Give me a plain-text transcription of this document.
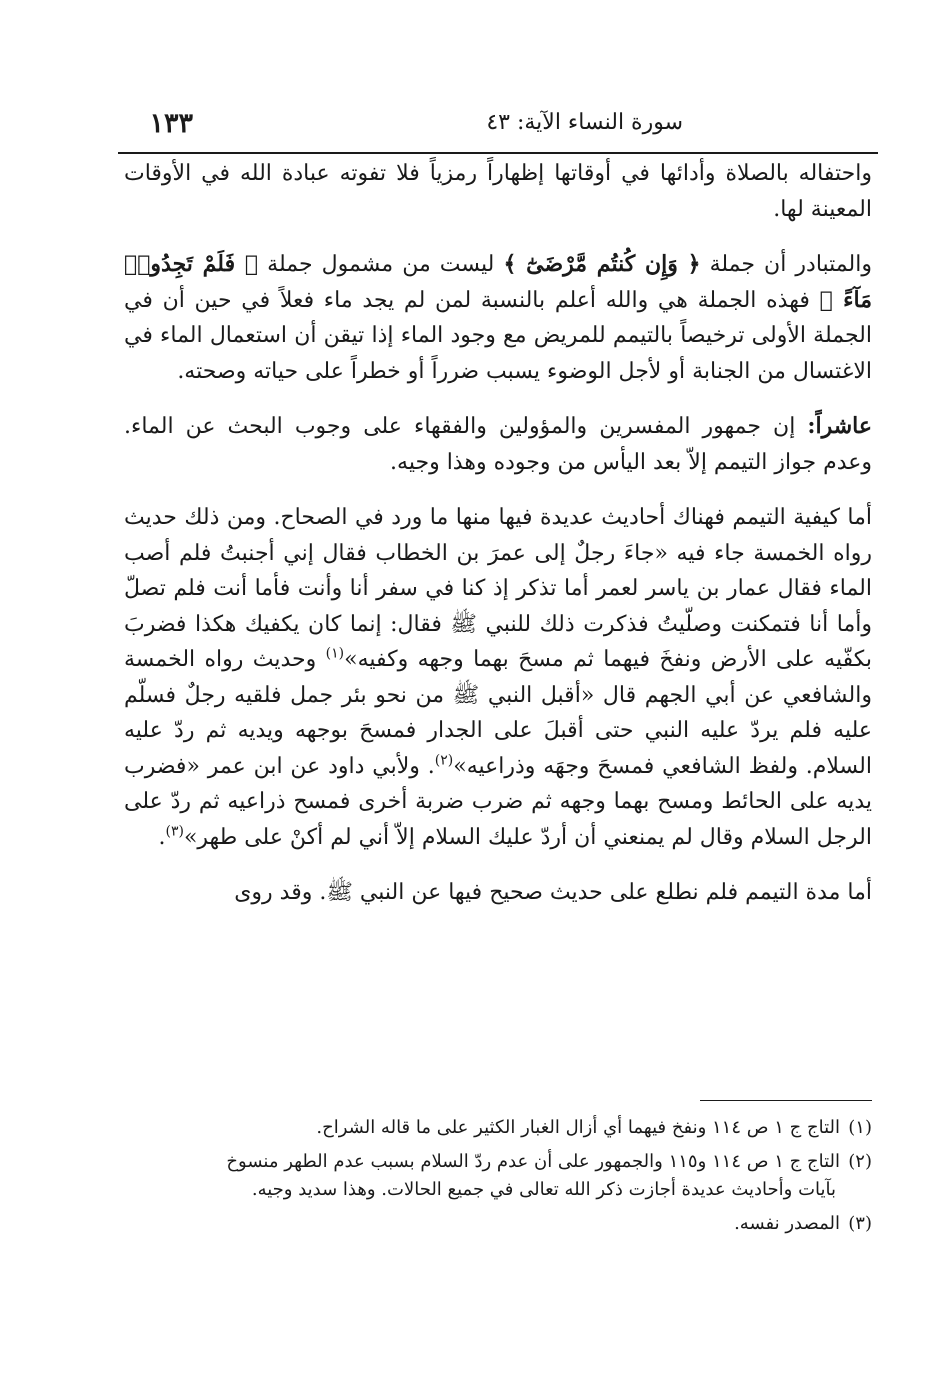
١٣٣	سورة النساء الآية: ٤٣

واحتفاله بالصلاة وأدائها في أوقاتها إظهاراً رمزياً فلا تفوته عبادة الله في الأوقات المعينة لها.

والمتبادر أن جملة ﴿ وَإِن كُنتُم مَّرْضَىٰٓ ﴾ ليست من مشمول جملة ﴿ فَلَمْ تَجِدُوا۟ مَآءً ﴾ فهذه الجملة هي والله أعلم بالنسبة لمن لم يجد ماء فعلاً في حين أن في الجملة الأولى ترخيصاً بالتيمم للمريض مع وجود الماء إذا تيقن أن استعمال الماء في الاغتسال من الجنابة أو لأجل الوضوء يسبب ضرراً أو خطراً على حياته وصحته.

عاشراً: إن جمهور المفسرين والمؤولين والفقهاء على وجوب البحث عن الماء. وعدم جواز التيمم إلاّ بعد اليأس من وجوده وهذا وجيه.

أما كيفية التيمم فهناك أحاديث عديدة فيها منها ما ورد في الصحاح. ومن ذلك حديث رواه الخمسة جاء فيه «جاءَ رجلٌ إلى عمرَ بن الخطاب فقال إني أجنبتُ فلم أصب الماء فقال عمار بن ياسر لعمر أما تذكر إذ كنا في سفر أنا وأنت فأما أنت فلم تصلّ وأما أنا فتمكنت وصلّيتُ فذكرت ذلك للنبي ﷺ فقال: إنما كان يكفيك هكذا فضربَ بكفّيه على الأرض ونفخَ فيهما ثم مسحَ بهما وجهه وكفيه»$^{(١)}$ وحديث رواه الخمسة والشافعي عن أبي الجهم قال «أقبل النبي ﷺ من نحو بئر جمل فلقيه رجلٌ فسلّم عليه فلم يردّ عليه النبي حتى أقبلَ على الجدار فمسحَ بوجهه ويديه ثم ردّ عليه السلام. ولفظ الشافعي فمسحَ وجهَه وذراعيه»$^{(٢)}$. ولأبي داود عن ابن عمر «فضرب يديه على الحائط ومسح بهما وجهه ثم ضرب ضربة أخرى فمسح ذراعيه ثم ردّ على الرجل السلام وقال لم يمنعني أن أردّ عليك السلام إلاّ أني لم أكنْ على طهر»$^{(٣)}$.

أما مدة التيمم فلم نطلع على حديث صحيح فيها عن النبي ﷺ. وقد روى

(١)التاج ج ١ ص ١١٤ ونفخ فيهما أي أزال الغبار الكثير على ما قاله الشراح.
(٢)التاج ج ١ ص ١١٤ و١١٥ والجمهور على أن عدم ردّ السلام بسبب عدم الطهر منسوخ
بآيات وأحاديث عديدة أجازت ذكر الله تعالى في جميع الحالات. وهذا سديد وجيه.
(٣)المصدر نفسه.
